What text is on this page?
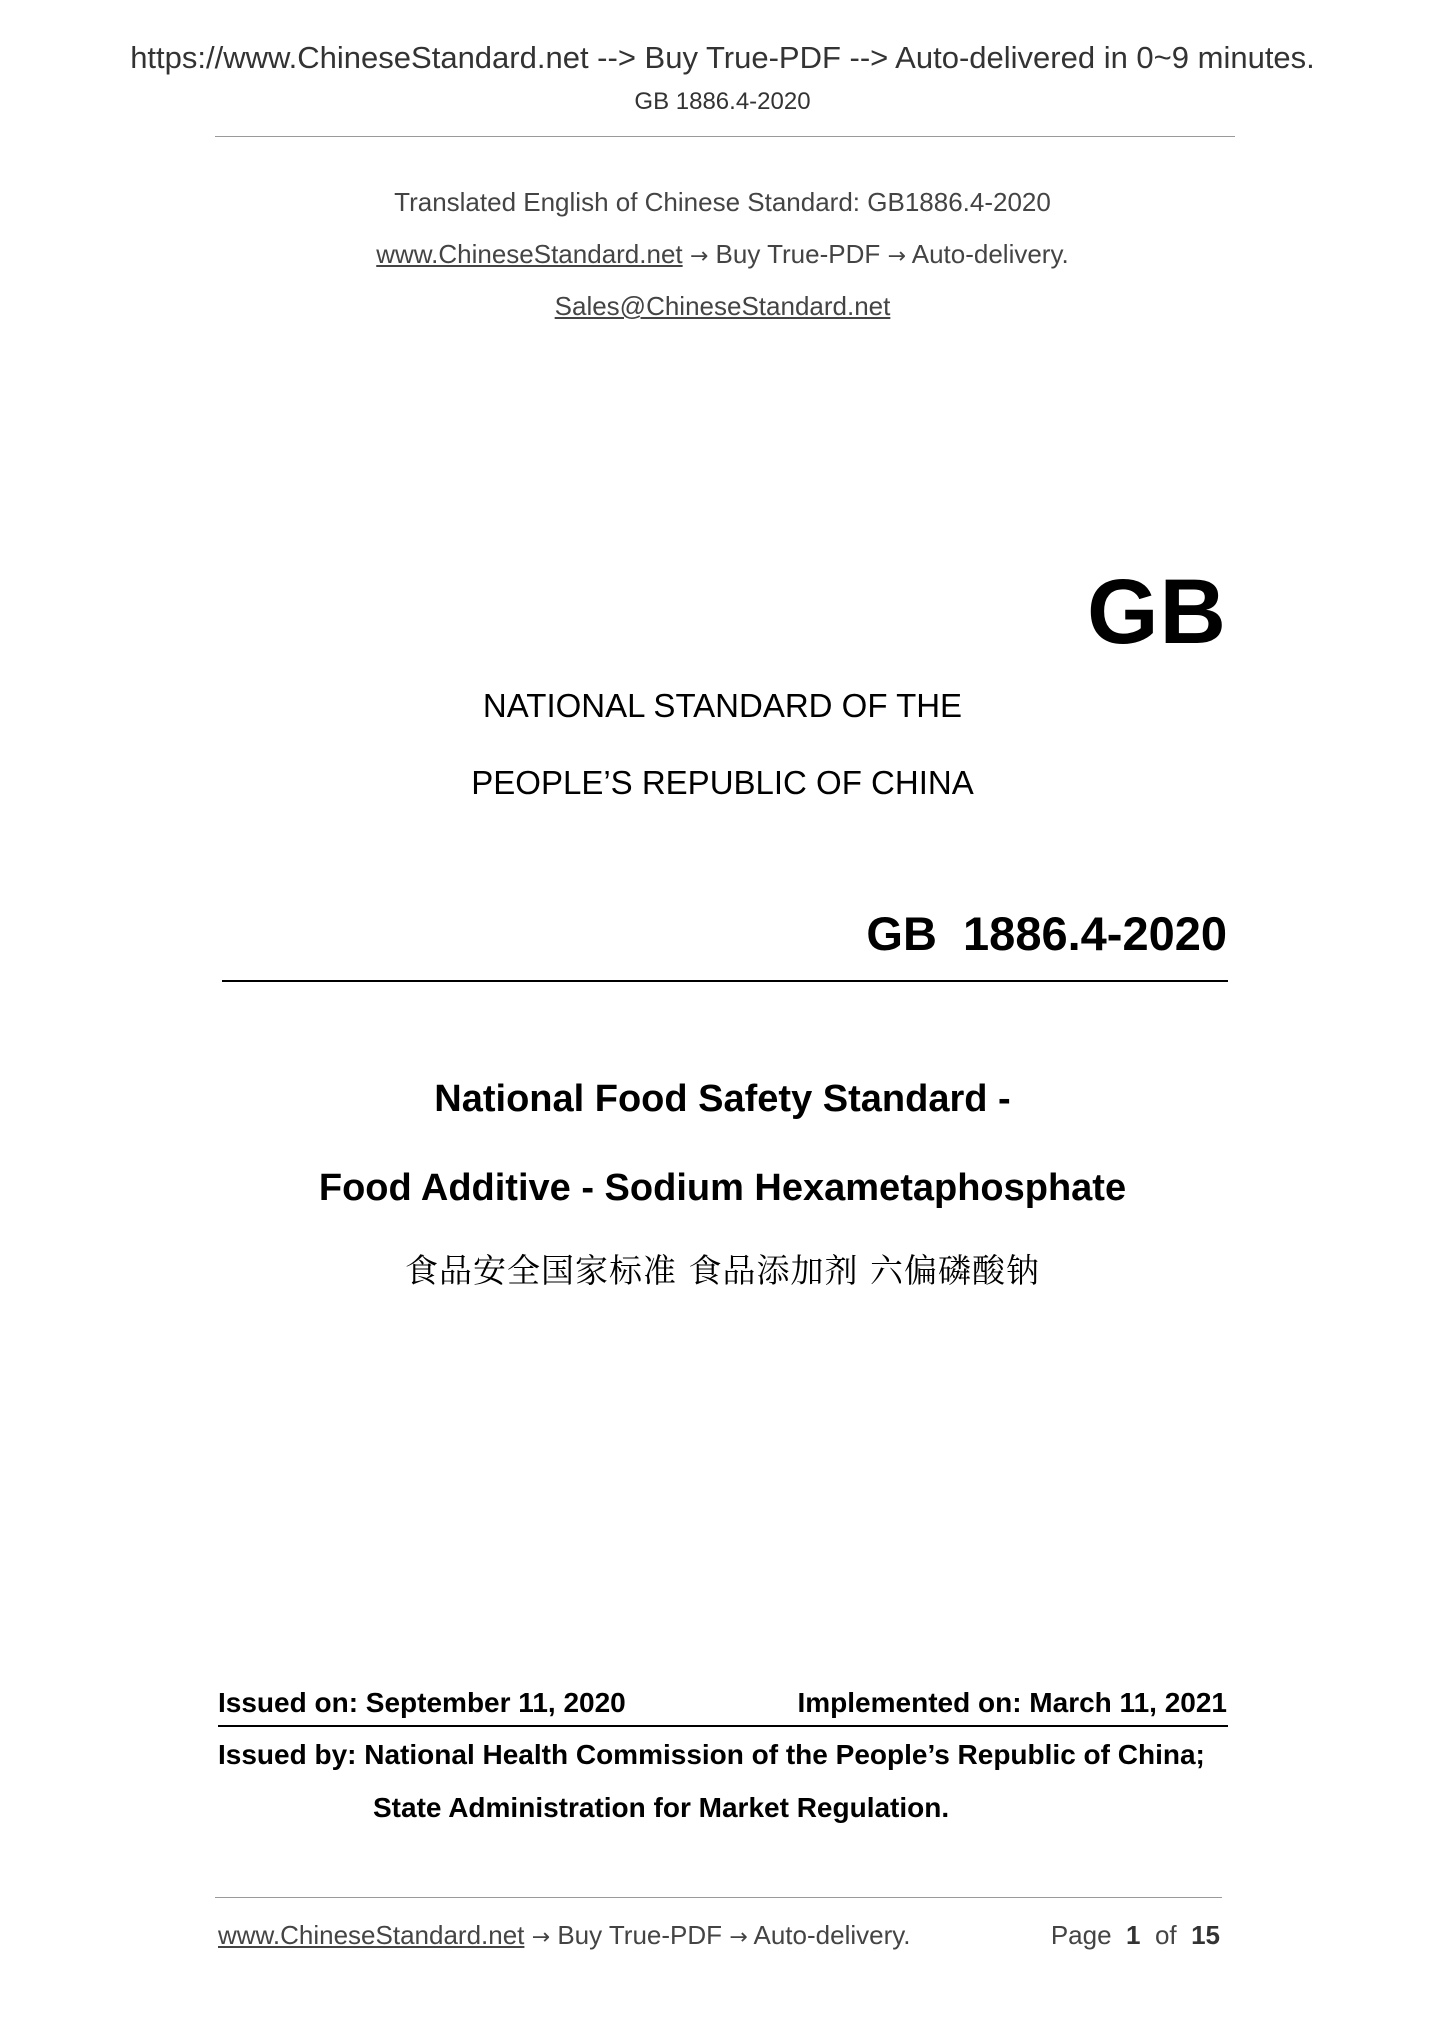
https://www.ChineseStandard.net --> Buy True-PDF --> Auto-delivered in 0~9 minutes.
GB 1886.4-2020
Translated English of Chinese Standard: GB1886.4-2020
www.ChineseStandard.net → Buy True-PDF → Auto-delivery.
Sales@ChineseStandard.net
GB
NATIONAL STANDARD OF THE
PEOPLE’S REPUBLIC OF CHINA
GB  1886.4-2020
National Food Safety Standard -
Food Additive - Sodium Hexametaphosphate
食品安全国家标准 食品添加剂 六偏磷酸钠
Issued on: September 11, 2020	Implemented on: March 11, 2021
Issued by: National Health Commission of the People’s Republic of China;
State Administration for Market Regulation.
www.ChineseStandard.net → Buy True-PDF → Auto-delivery.	Page 1 of 15
